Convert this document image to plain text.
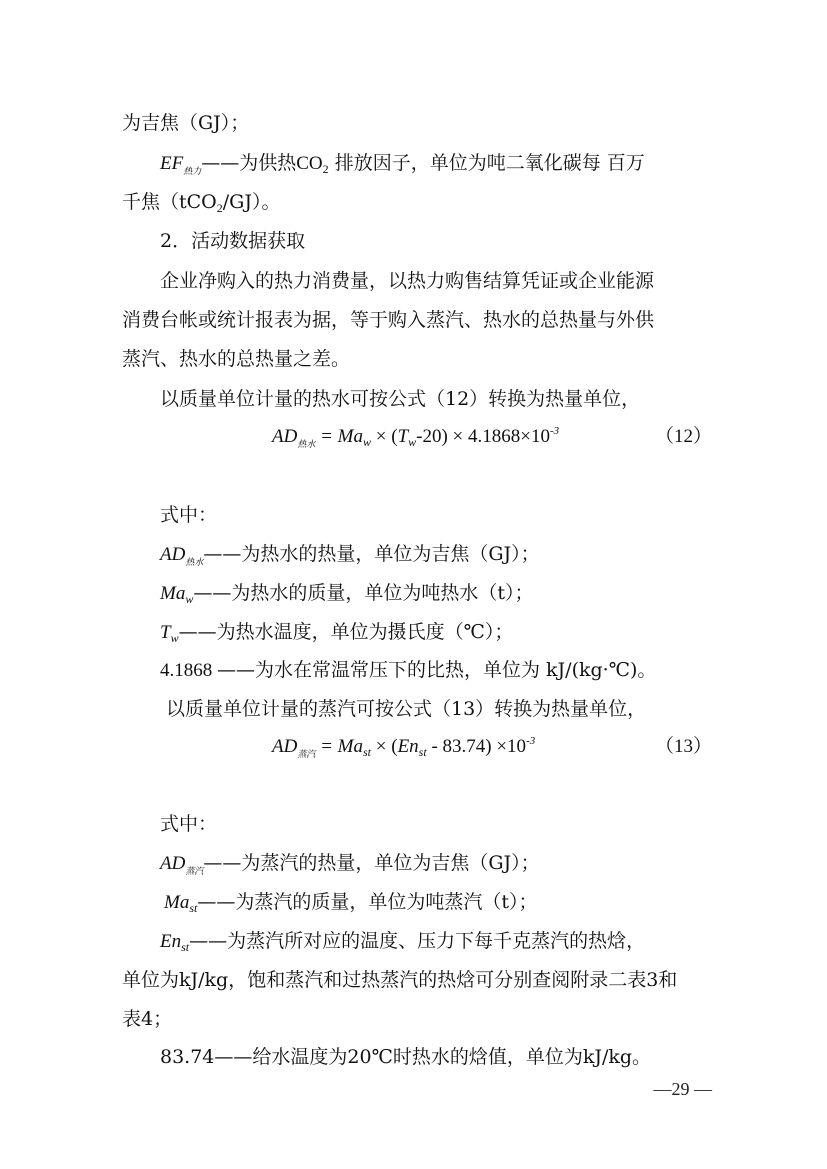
为吉焦（GJ）；
$EF_{热力}——$为供热$CO_2$ 排放因子，单位为吨二氧化碳每 百万
千焦（tCO$_2$/GJ）。
2．活动数据获取
企业净购入的热力消费量，以热力购售结算凭证或企业能源
消费台帐或统计报表为据，等于购入蒸汽、热水的总热量与外供
蒸汽、热水的总热量之差。
以质量单位计量的热水可按公式（12）转换为热量单位，
$AD_{热水} = Ma_w \times (T_w-20) \times 4.1868\times 10^{-3}$	（12）
式中：
$AD_{热水}——$为热水的热量，单位为吉焦（GJ）；
$Ma_w——$为热水的质量，单位为吨热水（t）；
$T_w——$为热水温度，单位为摄氏度（℃）；
4.1868 ——为水在常温常压下的比热，单位为 kJ/(kg·℃)。
以质量单位计量的蒸汽可按公式（13）转换为热量单位，
$AD_{蒸汽} = Ma_{st} \times (En_{st} - 83.74) \times 10^{-3}$	（13）
式中：
$AD_{蒸汽}——$为蒸汽的热量，单位为吉焦（GJ）；
$Ma_{st}——$为蒸汽的质量，单位为吨蒸汽（t）；
$En_{st}——$为蒸汽所对应的温度、压力下每千克蒸汽的热焓，
单位为kJ/kg，饱和蒸汽和过热蒸汽的热焓可分别查阅附录二表3和
表4；
83.74——给水温度为20℃时热水的焓值，单位为kJ/kg。
—29 —
